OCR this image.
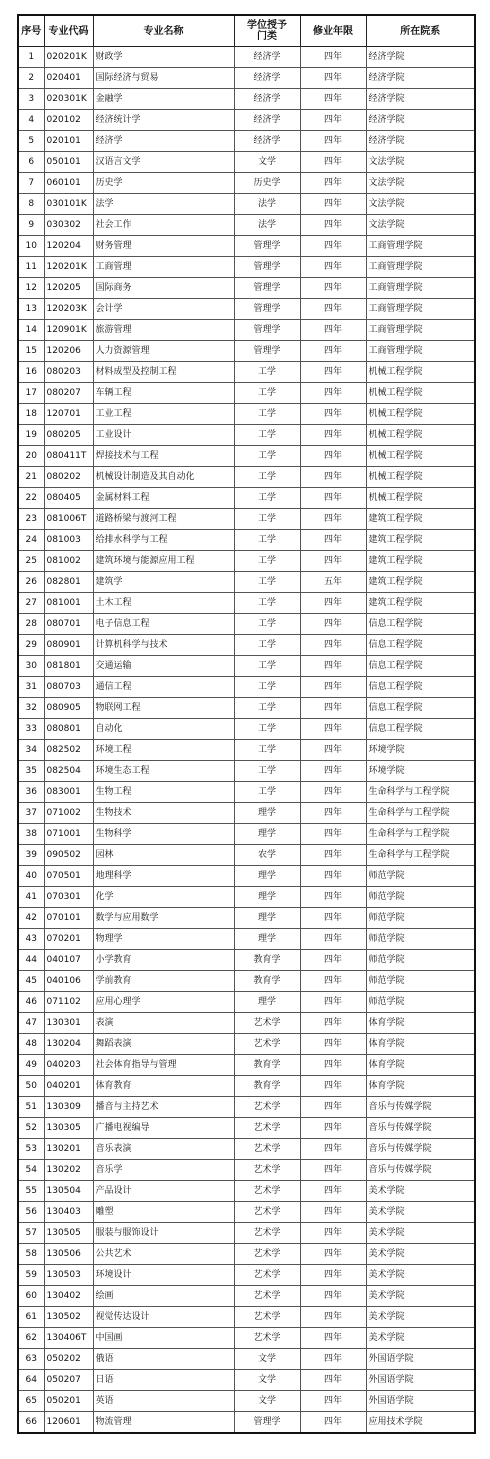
序号	专业代码	专业名称	学位授予门类	修业年限	所在院系
1	020201K	财政学	经济学	四年	经济学院
2	020401	国际经济与贸易	经济学	四年	经济学院
3	020301K	金融学	经济学	四年	经济学院
4	020102	经济统计学	经济学	四年	经济学院
5	020101	经济学	经济学	四年	经济学院
6	050101	汉语言文学	文学	四年	文法学院
7	060101	历史学	历史学	四年	文法学院
8	030101K	法学	法学	四年	文法学院
9	030302	社会工作	法学	四年	文法学院
10	120204	财务管理	管理学	四年	工商管理学院
11	120201K	工商管理	管理学	四年	工商管理学院
12	120205	国际商务	管理学	四年	工商管理学院
13	120203K	会计学	管理学	四年	工商管理学院
14	120901K	旅游管理	管理学	四年	工商管理学院
15	120206	人力资源管理	管理学	四年	工商管理学院
16	080203	材料成型及控制工程	工学	四年	机械工程学院
17	080207	车辆工程	工学	四年	机械工程学院
18	120701	工业工程	工学	四年	机械工程学院
19	080205	工业设计	工学	四年	机械工程学院
20	080411T	焊接技术与工程	工学	四年	机械工程学院
21	080202	机械设计制造及其自动化	工学	四年	机械工程学院
22	080405	金属材料工程	工学	四年	机械工程学院
23	081006T	道路桥梁与渡河工程	工学	四年	建筑工程学院
24	081003	给排水科学与工程	工学	四年	建筑工程学院
25	081002	建筑环境与能源应用工程	工学	四年	建筑工程学院
26	082801	建筑学	工学	五年	建筑工程学院
27	081001	土木工程	工学	四年	建筑工程学院
28	080701	电子信息工程	工学	四年	信息工程学院
29	080901	计算机科学与技术	工学	四年	信息工程学院
30	081801	交通运输	工学	四年	信息工程学院
31	080703	通信工程	工学	四年	信息工程学院
32	080905	物联网工程	工学	四年	信息工程学院
33	080801	自动化	工学	四年	信息工程学院
34	082502	环境工程	工学	四年	环境学院
35	082504	环境生态工程	工学	四年	环境学院
36	083001	生物工程	工学	四年	生命科学与工程学院
37	071002	生物技术	理学	四年	生命科学与工程学院
38	071001	生物科学	理学	四年	生命科学与工程学院
39	090502	园林	农学	四年	生命科学与工程学院
40	070501	地理科学	理学	四年	师范学院
41	070301	化学	理学	四年	师范学院
42	070101	数学与应用数学	理学	四年	师范学院
43	070201	物理学	理学	四年	师范学院
44	040107	小学教育	教育学	四年	师范学院
45	040106	学前教育	教育学	四年	师范学院
46	071102	应用心理学	理学	四年	师范学院
47	130301	表演	艺术学	四年	体育学院
48	130204	舞蹈表演	艺术学	四年	体育学院
49	040203	社会体育指导与管理	教育学	四年	体育学院
50	040201	体育教育	教育学	四年	体育学院
51	130309	播音与主持艺术	艺术学	四年	音乐与传媒学院
52	130305	广播电视编导	艺术学	四年	音乐与传媒学院
53	130201	音乐表演	艺术学	四年	音乐与传媒学院
54	130202	音乐学	艺术学	四年	音乐与传媒学院
55	130504	产品设计	艺术学	四年	美术学院
56	130403	雕塑	艺术学	四年	美术学院
57	130505	服装与服饰设计	艺术学	四年	美术学院
58	130506	公共艺术	艺术学	四年	美术学院
59	130503	环境设计	艺术学	四年	美术学院
60	130402	绘画	艺术学	四年	美术学院
61	130502	视觉传达设计	艺术学	四年	美术学院
62	130406T	中国画	艺术学	四年	美术学院
63	050202	俄语	文学	四年	外国语学院
64	050207	日语	文学	四年	外国语学院
65	050201	英语	文学	四年	外国语学院
66	120601	物流管理	管理学	四年	应用技术学院
